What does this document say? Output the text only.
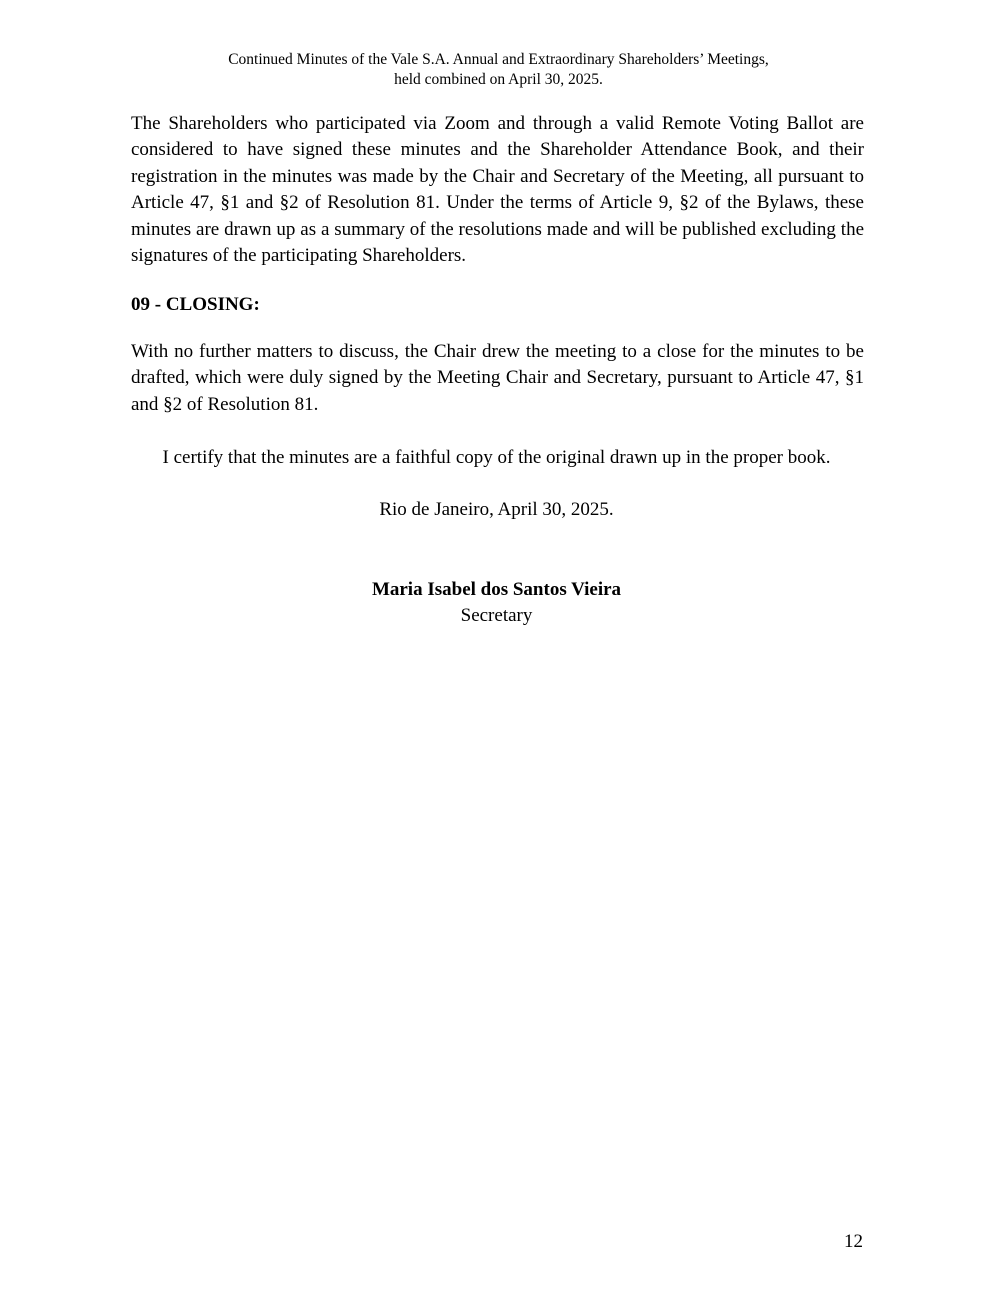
Continued Minutes of the Vale S.A. Annual and Extraordinary Shareholders’ Meetings,
held combined on April 30, 2025.

The Shareholders who participated via Zoom and through a valid Remote Voting Ballot are considered to have signed these minutes and the Shareholder Attendance Book, and their registration in the minutes was made by the Chair and Secretary of the Meeting, all pursuant to Article 47, §1 and §2 of Resolution 81. Under the terms of Article 9, §2 of the Bylaws, these minutes are drawn up as a summary of the resolutions made and will be published excluding the signatures of the participating Shareholders.

09 - CLOSING:

With no further matters to discuss, the Chair drew the meeting to a close for the minutes to be drafted, which were duly signed by the Meeting Chair and Secretary, pursuant to Article 47, §1 and §2 of Resolution 81.

I certify that the minutes are a faithful copy of the original drawn up in the proper book.
Rio de Janeiro, April 30, 2025.
Maria Isabel dos Santos Vieira
Secretary
12
